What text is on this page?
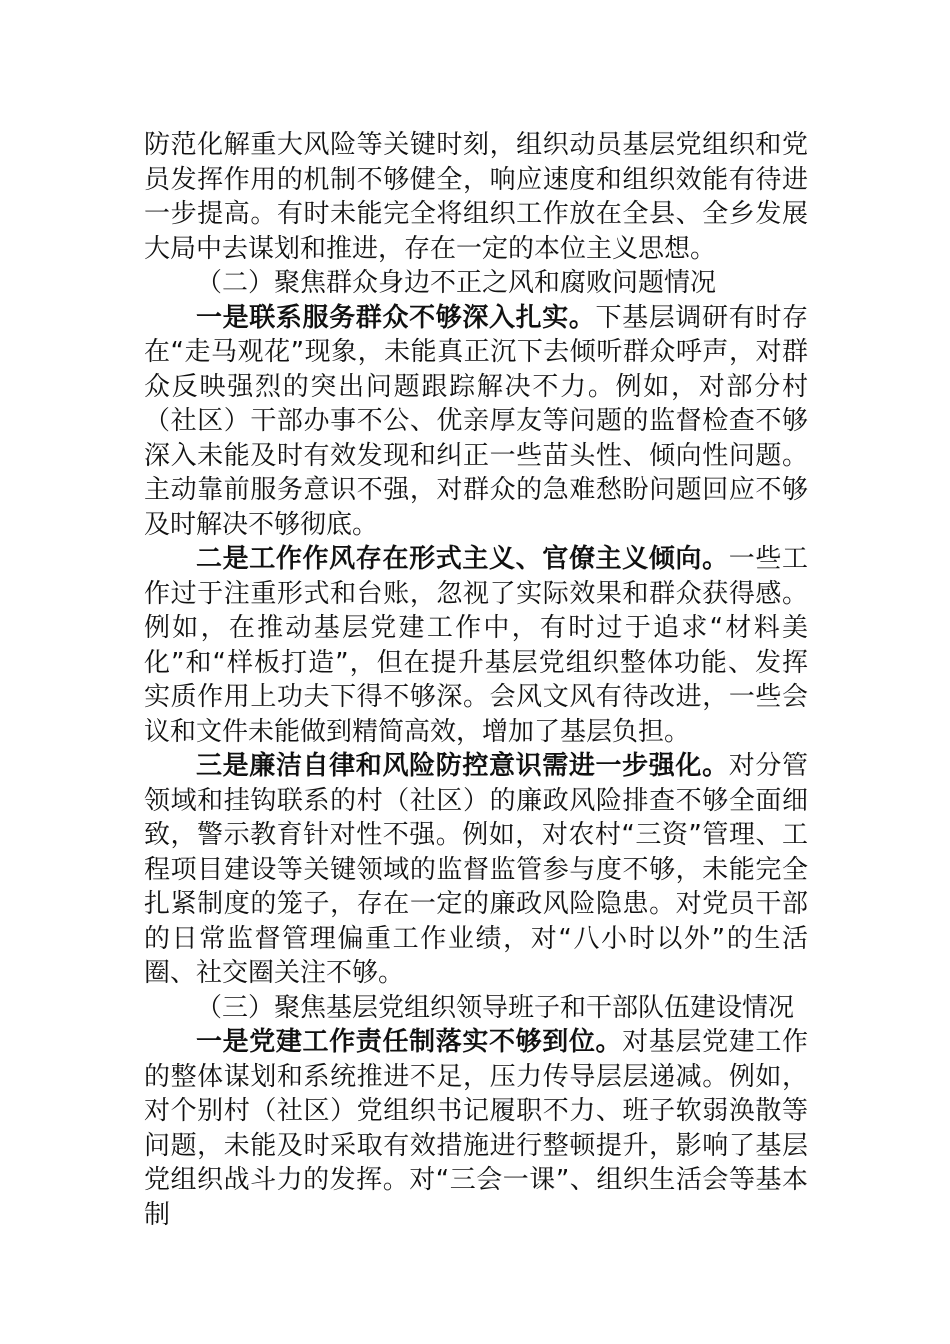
防范化解重大风险等关键时刻，组织动员基层党组织和党员发挥作用的机制不够健全，响应速度和组织效能有待进一步提高。有时未能完全将组织工作放在全县、全乡发展大局中去谋划和推进，存在一定的本位主义思想。

（二）聚焦群众身边不正之风和腐败问题情况

一是联系服务群众不够深入扎实。下基层调研有时存在“走马观花”现象，未能真正沉下去倾听群众呼声，对群众反映强烈的突出问题跟踪解决不力。例如，对部分村（社区）干部办事不公、优亲厚友等问题的监督检查不够深入未能及时有效发现和纠正一些苗头性、倾向性问题。主动靠前服务意识不强，对群众的急难愁盼问题回应不够及时解决不够彻底。

二是工作作风存在形式主义、官僚主义倾向。一些工作过于注重形式和台账，忽视了实际效果和群众获得感。例如，在推动基层党建工作中，有时过于追求“材料美化”和“样板打造”，但在提升基层党组织整体功能、发挥实质作用上功夫下得不够深。会风文风有待改进，一些会议和文件未能做到精简高效，增加了基层负担。

三是廉洁自律和风险防控意识需进一步强化。对分管领域和挂钩联系的村（社区）的廉政风险排查不够全面细致，警示教育针对性不强。例如，对农村“三资”管理、工程项目建设等关键领域的监督监管参与度不够，未能完全扎紧制度的笼子，存在一定的廉政风险隐患。对党员干部的日常监督管理偏重工作业绩，对“八小时以外”的生活圈、社交圈关注不够。

（三）聚焦基层党组织领导班子和干部队伍建设情况

一是党建工作责任制落实不够到位。对基层党建工作的整体谋划和系统推进不足，压力传导层层递减。例如，对个别村（社区）党组织书记履职不力、班子软弱涣散等问题，未能及时采取有效措施进行整顿提升，影响了基层党组织战斗力的发挥。对“三会一课”、组织生活会等基本制
